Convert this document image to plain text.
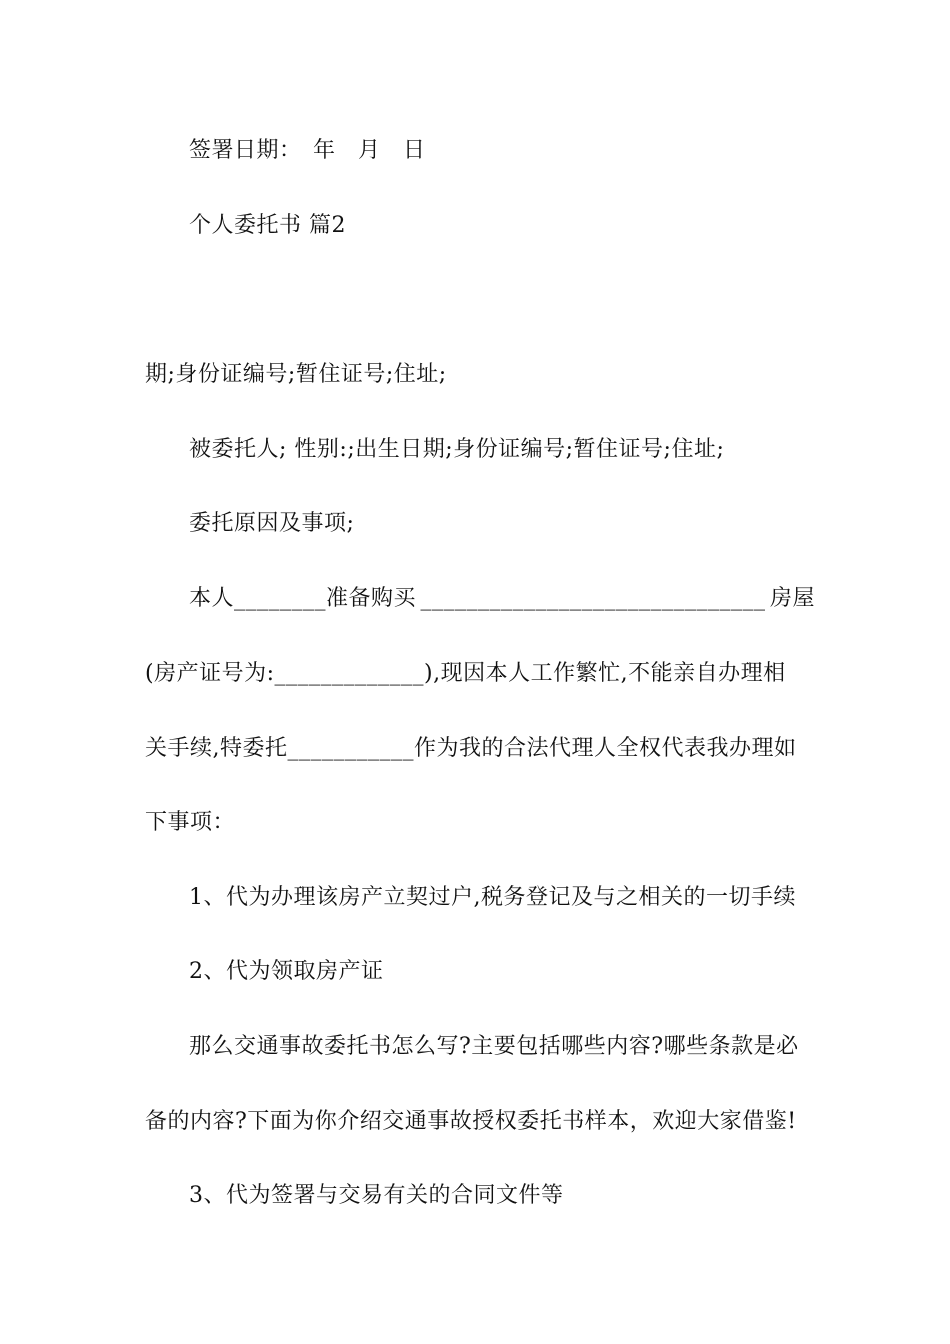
签署日期：　年　月　日
个人委托书 篇2
期;身份证编号;暂住证号;住址;
被委托人; 性别:;出生日期;身份证编号;暂住证号;住址;
委托原因及事项;
本人________准备购买 ______________________________ 房屋
(房产证号为:_____________),现因本人工作繁忙,不能亲自办理相
关手续,特委托___________作为我的合法代理人全权代表我办理如
下事项：
1、代为办理该房产立契过户,税务登记及与之相关的一切手续
2、代为领取房产证
那么交通事故委托书怎么写?主要包括哪些内容?哪些条款是必
备的内容?下面为你介绍交通事故授权委托书样本，欢迎大家借鉴!
3、代为签署与交易有关的合同文件等
